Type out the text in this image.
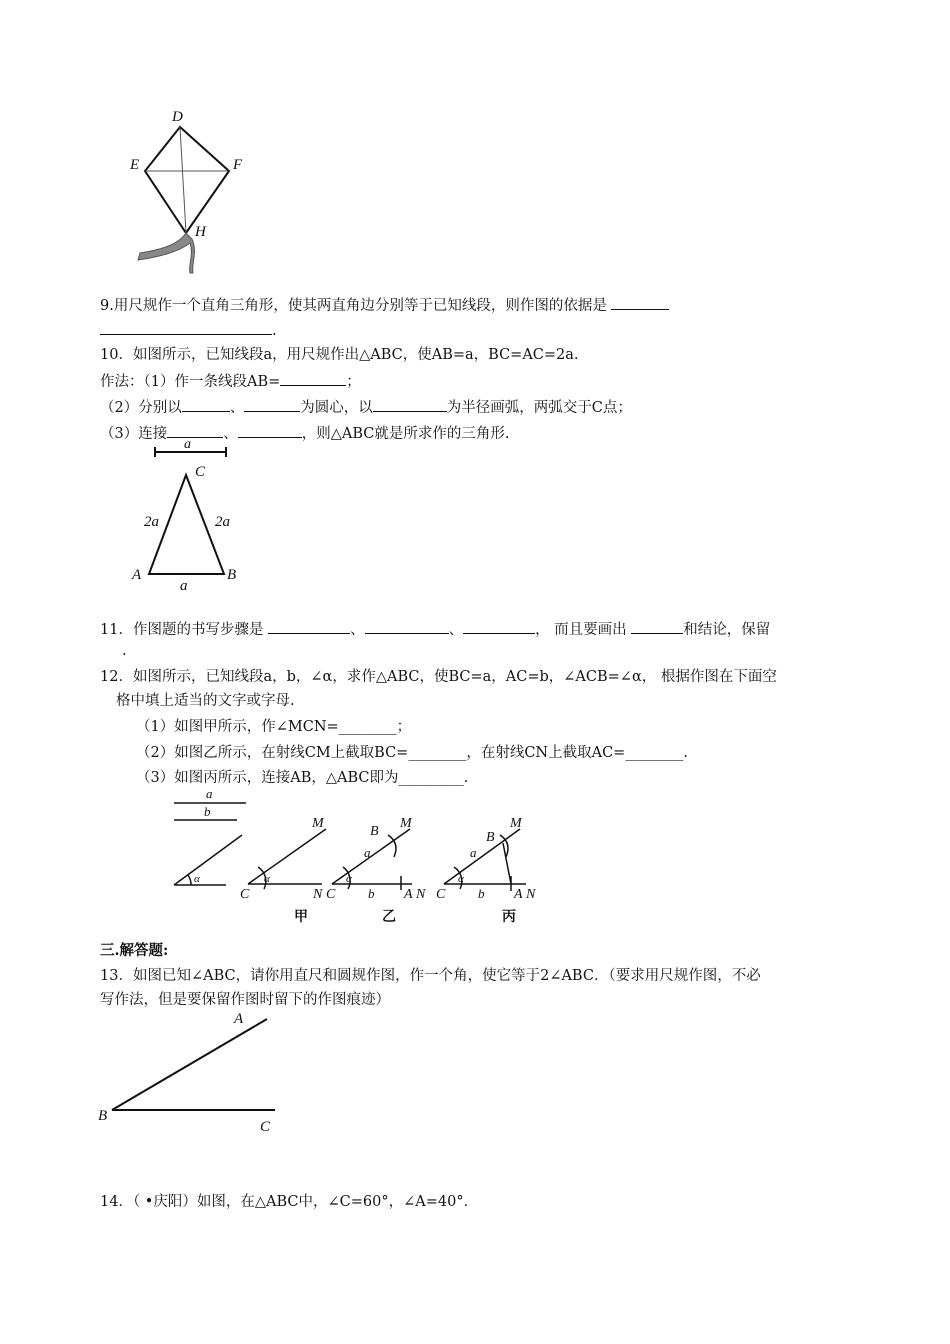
D
E	F
H
9.用尺规作一个直角三角形，使其两直角边分别等于已知线段，则作图的依据是
.
10．如图所示，已知线段a，用尺规作出△ABC，使AB=a，BC=AC=2a.
作法：（1）作一条线段AB=	；
（2）分别以	、	为圆心，以	为半径画弧，两弧交于C点；
（3）连接	、	，则△ABC就是所求作的三角形.
a
C
2a	2a
A	B
a
11．作图题的书写步骤是	、	、	， 而且要画出	和结论，保留
.
12．如图所示，已知线段a，b，∠α，求作△ABC，使BC=a，AC=b，∠ACB=∠α， 根据作图在下面空
格中填上适当的文字或字母.
（1）如图甲所示，作∠MCN=________；
（2）如图乙所示，在射线CM上截取BC=________，在射线CN上截取AC=________.
（3）如图丙所示，连接AB，△ABC即为_________.
a
b
α
M
C	N
α
甲
B
M
a
C
α
b A N
乙
B
M
a
C
α
b A N
丙
三.解答题:
13．如图已知∠ABC，请你用直尺和圆规作图，作一个角，使它等于2∠ABC．（要求用尺规作图，不必
写作法，但是要保留作图时留下的作图痕迹）
A
B
C
14．（ •庆阳）如图，在△ABC中，∠C=60°，∠A=40°．
